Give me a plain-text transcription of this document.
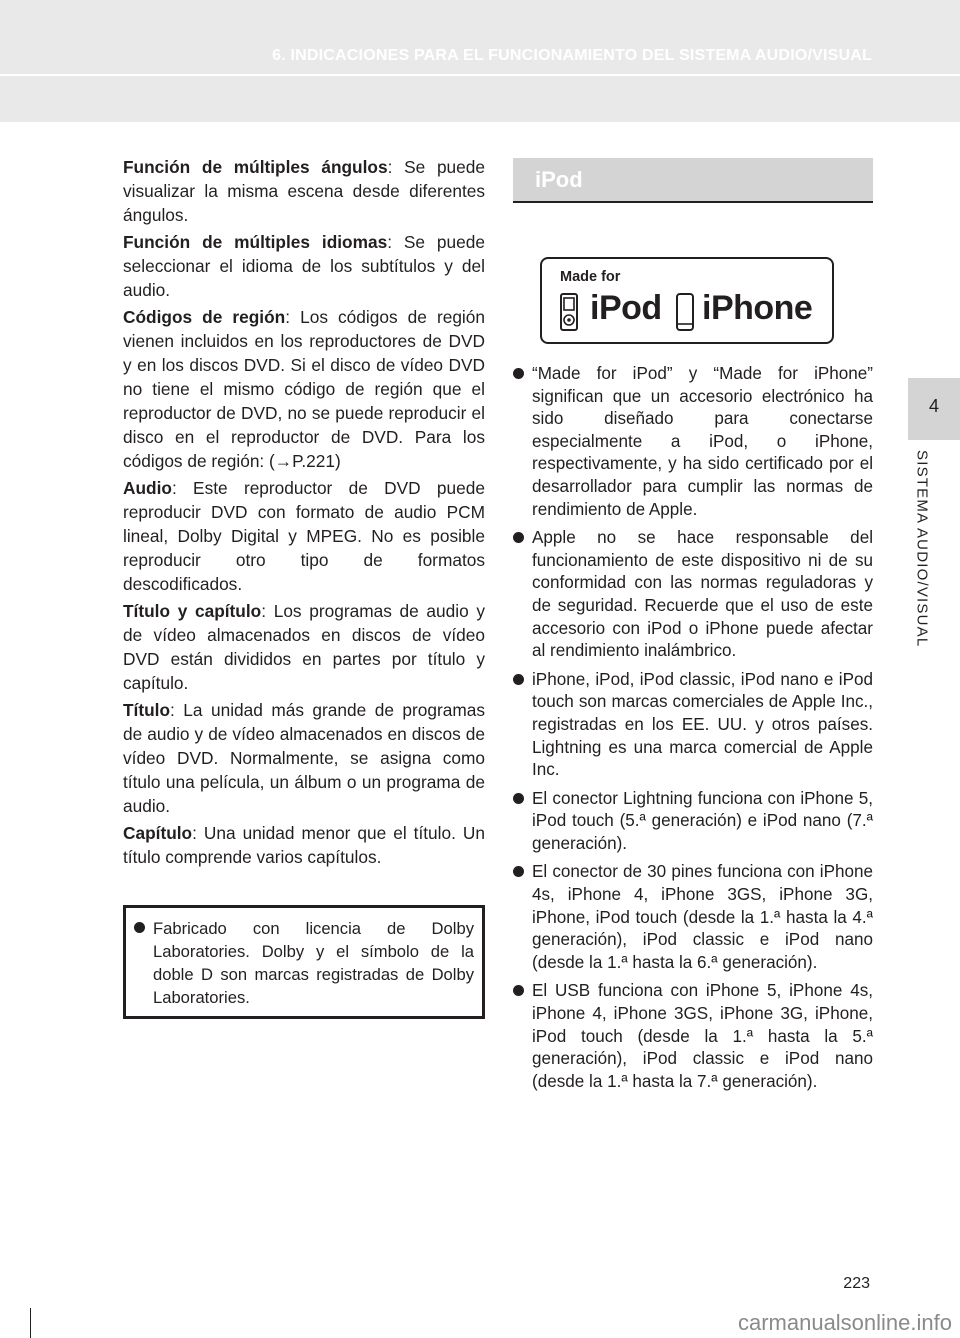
6. INDICACIONES PARA EL FUNCIONAMIENTO DEL SISTEMA AUDIO/VISUAL
4
SISTEMA AUDIO/VISUAL

Función de múltiples ángulos: Se puede visualizar la misma escena desde diferentes ángulos.

Función de múltiples idiomas: Se puede seleccionar el idioma de los subtítulos y del audio.

Códigos de región: Los códigos de región vienen incluidos en los reproductores de DVD y en los discos DVD. Si el disco de vídeo DVD no tiene el mismo código de región que el reproductor de DVD, no se puede reproducir el disco en el reproductor de DVD. Para los códigos de región: (→P.221)

Audio: Este reproductor de DVD puede reproducir DVD con formato de audio PCM lineal, Dolby Digital y MPEG. No es posible reproducir otro tipo de formatos descodificados.

Título y capítulo: Los programas de audio y de vídeo almacenados en discos de vídeo DVD están divididos en partes por título y capítulo.

Título: La unidad más grande de programas de audio y de vídeo almacenados en discos de vídeo DVD. Normalmente, se asigna como título una película, un álbum o un programa de audio.

Capítulo: Una unidad menor que el título. Un título comprende varios capítulos.

Fabricado con licencia de Dolby Laboratories. Dolby y el símbolo de la doble D son marcas registradas de Dolby Laboratories.
iPod
Made for
iPod iPhone
“Made for iPod” y “Made for iPhone” significan que un accesorio electrónico ha sido diseñado para conectarse especialmente a iPod, o iPhone, respectivamente, y ha sido certificado por el desarrollador para cumplir las normas de rendimiento de Apple.
Apple no se hace responsable del funcionamiento de este dispositivo ni de su conformidad con las normas reguladoras y de seguridad. Recuerde que el uso de este accesorio con iPod o iPhone puede afectar al rendimiento inalámbrico.
iPhone, iPod, iPod classic, iPod nano e iPod touch son marcas comerciales de Apple Inc., registradas en los EE. UU. y otros países. Lightning es una marca comercial de Apple Inc.
El conector Lightning funciona con iPhone 5, iPod touch (5.ª generación) e iPod nano (7.ª generación).
El conector de 30 pines funciona con iPhone 4s, iPhone 4, iPhone 3GS, iPhone 3G, iPhone, iPod touch (desde la 1.ª hasta la 4.ª generación), iPod classic e iPod nano (desde la 1.ª hasta la 6.ª generación).
El USB funciona con iPhone 5, iPhone 4s, iPhone 4, iPhone 3GS, iPhone 3G, iPhone, iPod touch (desde la 1.ª hasta la 5.ª generación), iPod classic e iPod nano (desde la 1.ª hasta la 7.ª generación).
223
carmanualsonline.info
